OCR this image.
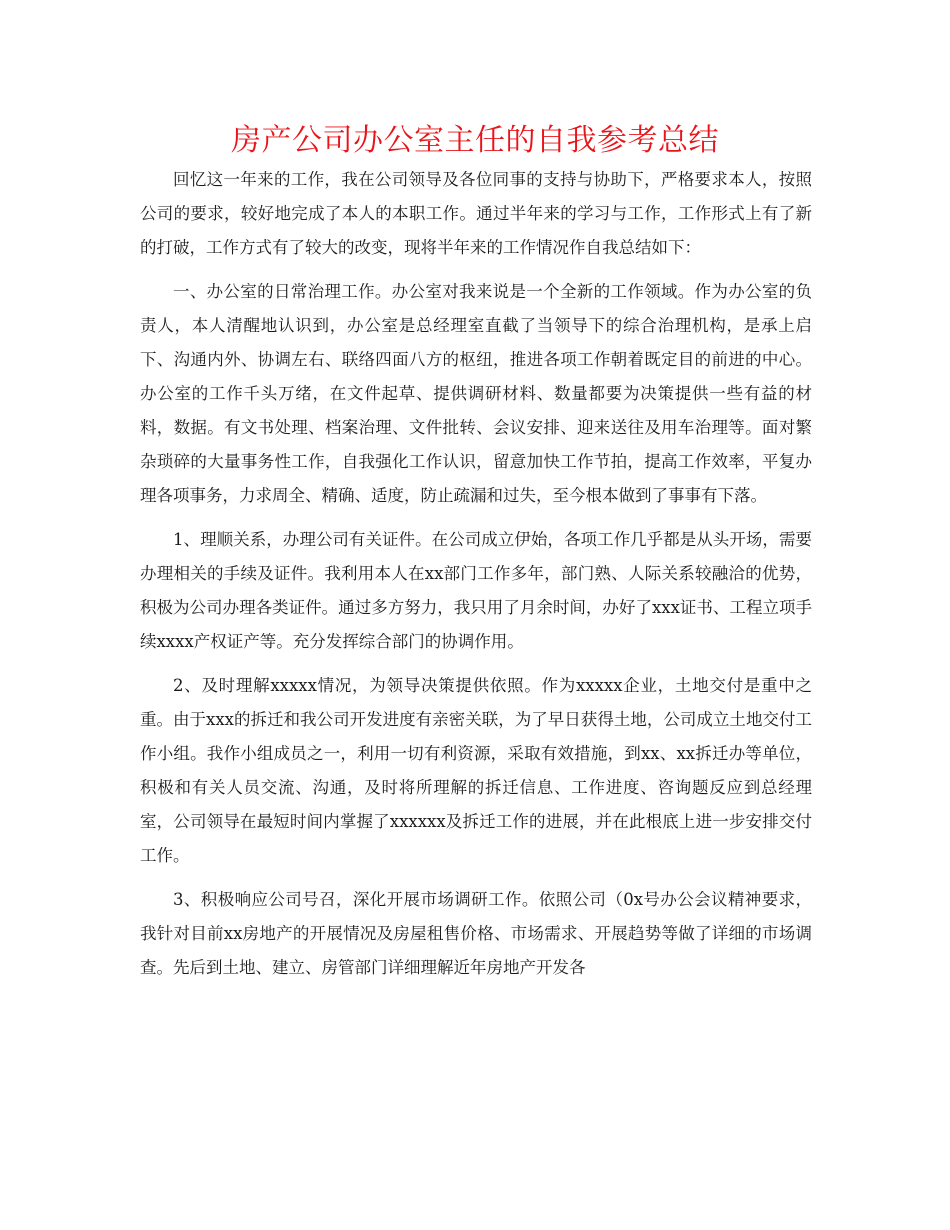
房产公司办公室主任的自我参考总结

回忆这一年来的工作，我在公司领导及各位同事的支持与协助下，严格要求本人，按照公司的要求，较好地完成了本人的本职工作。通过半年来的学习与工作，工作形式上有了新的打破，工作方式有了较大的改变，现将半年来的工作情况作自我总结如下：

一、办公室的日常治理工作。办公室对我来说是一个全新的工作领域。作为办公室的负责人，本人清醒地认识到，办公室是总经理室直截了当领导下的综合治理机构，是承上启下、沟通内外、协调左右、联络四面八方的枢纽，推进各项工作朝着既定目的前进的中心。办公室的工作千头万绪，在文件起草、提供调研材料、数量都要为决策提供一些有益的材料，数据。有文书处理、档案治理、文件批转、会议安排、迎来送往及用车治理等。面对繁杂琐碎的大量事务性工作，自我强化工作认识，留意加快工作节拍，提高工作效率，平复办理各项事务，力求周全、精确、适度，防止疏漏和过失，至今根本做到了事事有下落。

1、理顺关系，办理公司有关证件。在公司成立伊始，各项工作几乎都是从头开场，需要办理相关的手续及证件。我利用本人在xx部门工作多年，部门熟、人际关系较融洽的优势，积极为公司办理各类证件。通过多方努力，我只用了月余时间，办好了xxx证书、工程立项手续xxxx产权证产等。充分发挥综合部门的协调作用。

2、及时理解xxxxx情况，为领导决策提供依照。作为xxxxx企业，土地交付是重中之重。由于xxx的拆迁和我公司开发进度有亲密关联，为了早日获得土地，公司成立土地交付工作小组。我作小组成员之一，利用一切有利资源，采取有效措施，到xx、xx拆迁办等单位，积极和有关人员交流、沟通，及时将所理解的拆迁信息、工作进度、咨询题反应到总经理室，公司领导在最短时间内掌握了xxxxxx及拆迁工作的进展，并在此根底上进一步安排交付工作。

3、积极响应公司号召，深化开展市场调研工作。依照公司（0x号办公会议精神要求，我针对目前xx房地产的开展情况及房屋租售价格、市场需求、开展趋势等做了详细的市场调查。先后到土地、建立、房管部门详细理解近年房地产开发各
